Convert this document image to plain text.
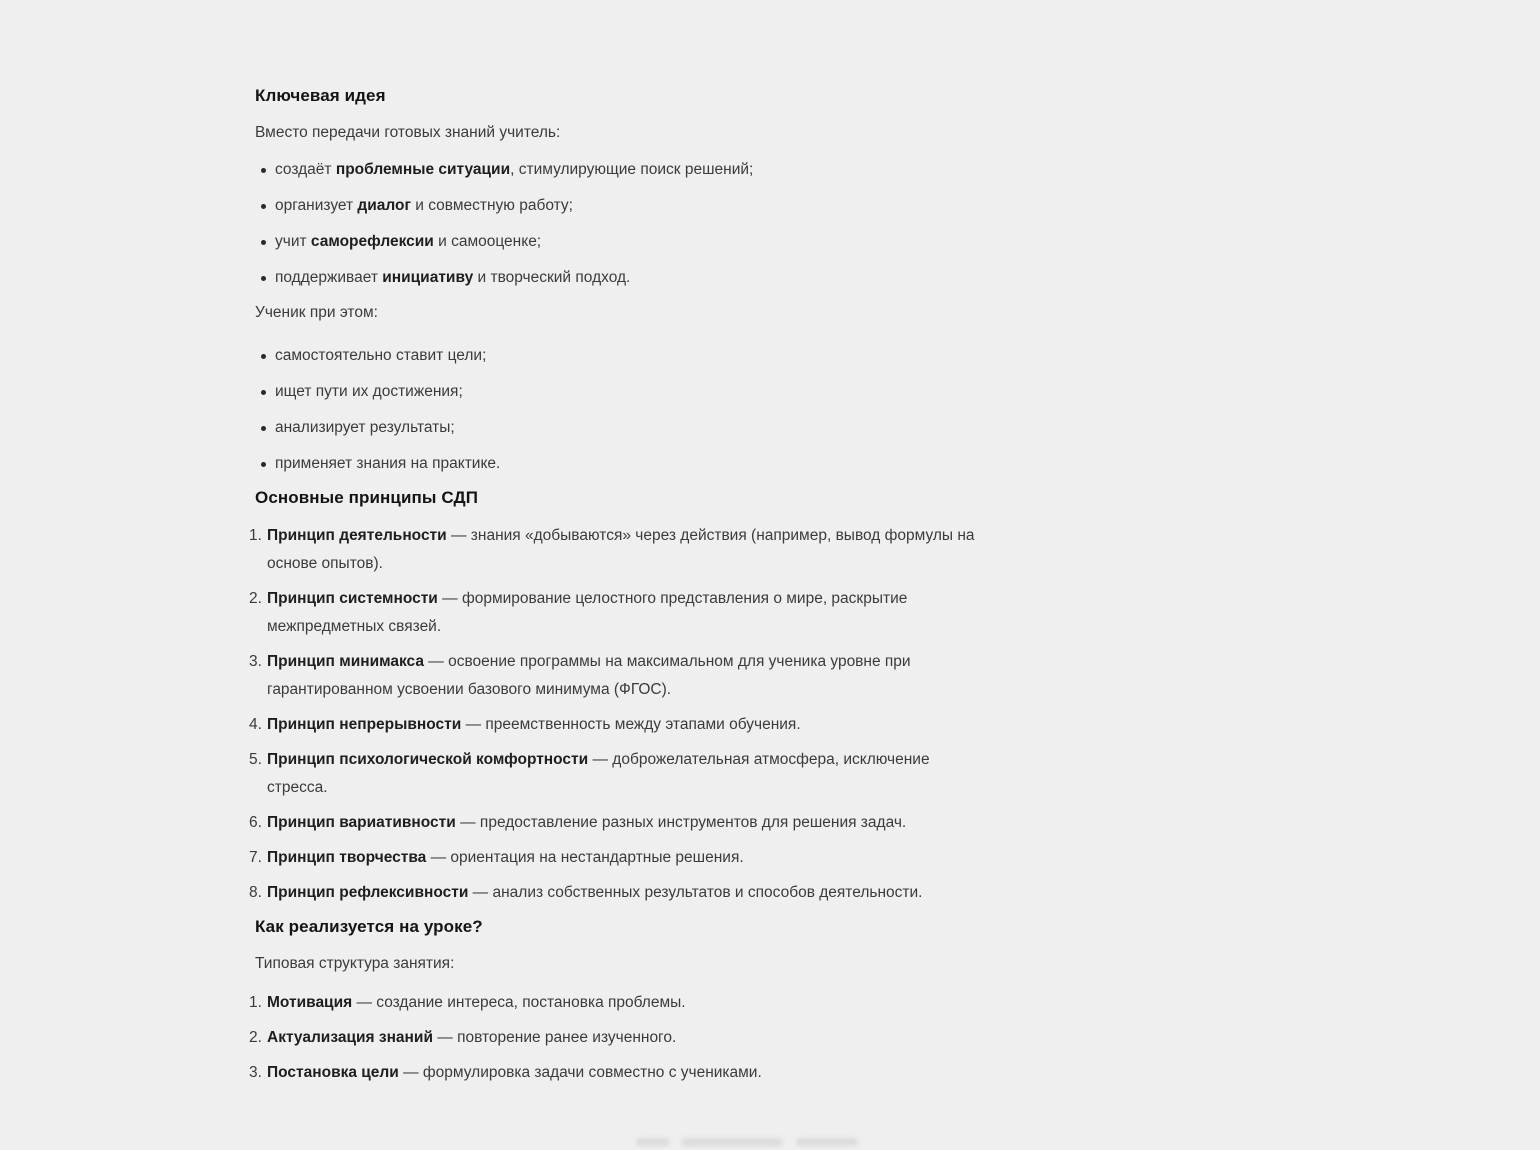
Ключевая идея

Вместо передачи готовых знаний учитель:

создаёт проблемные ситуации, стимулирующие поиск решений;
организует диалог и совместную работу;
учит саморефлексии и самооценке;
поддерживает инициативу и творческий подход.

Ученик при этом:

самостоятельно ставит цели;
ищет пути их достижения;
анализирует результаты;
применяет знания на практике.
Основные принципы СДП
Принцип деятельности — знания «добываются» через действия (например, вывод формулы на основе опытов).
Принцип системности — формирование целостного представления о мире, раскрытие межпредметных связей.
Принцип минимакса — освоение программы на максимальном для ученика уровне при гарантированном усвоении базового минимума (ФГОС).
Принцип непрерывности — преемственность между этапами обучения.
Принцип психологической комфортности — доброжелательная атмосфера, исключение стресса.
Принцип вариативности — предоставление разных инструментов для решения задач.
Принцип творчества — ориентация на нестандартные решения.
Принцип рефлексивности — анализ собственных результатов и способов деятельности.
Как реализуется на уроке?

Типовая структура занятия:

Мотивация — создание интереса, постановка проблемы.
Актуализация знаний — повторение ранее изученного.
Постановка цели — формулировка задачи совместно с учениками.
